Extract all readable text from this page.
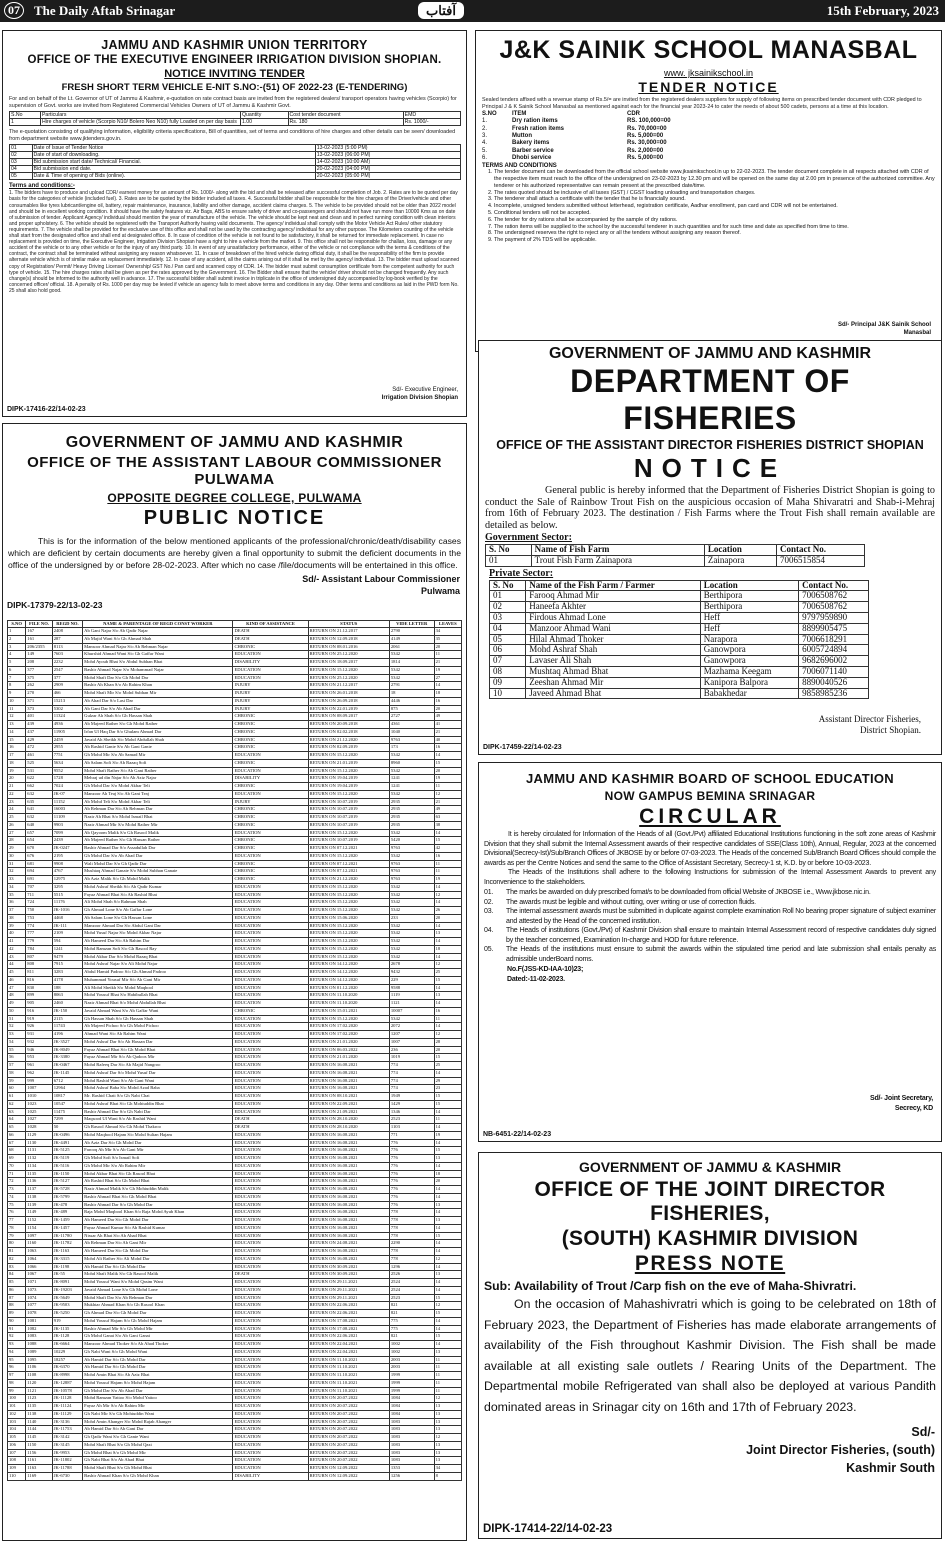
07	The Daily Aftab Srinagar	آفتاب	15th February, 2023
JAMMU AND KASHMIR UNION TERRITORY
OFFICE OF THE EXECUTIVE ENGINEER IRRIGATION DIVISION SHOPIAN.
NOTICE INVITING TENDER
FRESH SHORT TERM VEHICLE E-NIT S.NO:-(51) OF 2022-23 (E-TENDERING)
For and on behalf of the Lt. Governor of UT of Jammu & Kashmir, e-quotation on rate contract basis are invited from the registered dealers/ transport operators having vehicles (Scorpio) for supervision of Govt. works are invited from Registered Commercial Vehicles Owners of UT of Jammu & Kashmir Govt.
S.No	Particulars	Quantity	Cost tender document	EMD
1	Hire charges of vehicle (Scorpio N10/ Bolero Neo N10) fully Loaded on per day basis	1.00	Rs. 180	Rs. 1000/-
The e-quotation consisting of qualifying information, eligibility criteria specifications, Bill of quantities, set of terms and conditions of hire charges and other details can be seen/ downloaded from department website www.jktenders.gov.in.
01	Date of Issue of Tender Notice	13-02-2023 (5:00 PM)
02	Date of start of downloading.	13-02-2023 (06:00 PM)
03	Bid submission start date/ Technical/ Financial.	14-02-2023 (10:00 AM)
04	Bid submission end date.	20-02-2023 (04:00 PM)
05	Date & Time of opening of Bids (online).	20-02-2023 (05:00 PM)
Terms and conditions:-
1. The bidders have to produce and upload CDR/ earnest money for an amount of Rs. 1000/- along with the bid and shall be released after successful completion of Job. 2. Rates are to be quoted per day basis for the categories of vehicle (included fuel). 3. Rates are to be quoted by the bidder included all taxes. 4. Successful bidder shall be responsible for the hire charges of the Driver/vehicle and other consumables like tyres lubricant/engine oil, battery, repair maintenance, insurance, liability and other damage, accident claims charges. 5. The vehicle to be provided should not be older than 2022 model and should be in excellent working condition. It should have the safety features viz. Air Bags, ABS to ensure safety of driver and co-passengers and should not have run more than 10000 Kms as on date of submission of tender. Applicant Agency/ individual should mention the year of manufacture of the vehicle. The vehicle should be kept neat and clean and in perfect running condition with clean interiors and proper upholstery. 6. The vehicle should be registered with the Transport Authority having valid documents. The agency/ individual shall comply with the Motor Vehicle Act Rules/ other statutory requirements. 7. The vehicle shall be provided for the exclusive use of this office and shall not be used by the contracting agency/ individual for any other purpose. The Kilometers counting of the vehicle shall start from the designated office and shall end at designated office. 8. In case of condition of the vehicle is not found to be satisfactory, it shall be returned for immediate replacement. In case no replacement is provided on time, the Executive Engineer, Irrigation Division Shopian have a right to hire a vehicle from the market. 9. This office shall not be responsible for challan, loss, damage or any accident of the vehicle or to any other vehicle or for the injury of any third party. 10. In event of any unsatisfactory performance, either of the vehicle or not compliance with the terms & conditions of the contract, the contract shall be terminated without assigning any reason whatsoever. 11. In case of breakdown of the hired vehicle during official duty, it shall be the responsibility of the firm to provide alternate vehicle which is of similar make as replacement immediately. 12. In case of any accident, all the claims arising out of it shall be met by the agency/ individual. 13. The bidder must upload scanned copy of Registration/ Permit/ Heavy Driving License/ Ownership/ GST No./ Pan card and scanned copy of CDR. 14. The bidder must submit consumption certificate from the competent authority for such type of vehicle. 15. The hire charges rates shall be given as per the rates approved by the Government. 16. The Bidder shall ensure that the vehicle/ driver should not be changed frequently. Any such change(s) should be informed to the authority well in advance. 17. The successful bidder shall submit invoice in triplicate in the office of undersigned duly accompanied by log-book verified by the concerned officer/ official. 18. A penalty of Rs. 1000 per day may be levied if vehicle an agency fails to meet above terms and conditions in any day. Other terms and conditions as laid in the PWD form No. 25 shall also hold good.
Sd/- Executive Engineer,
Irrigation Division Shopian
DIPK-17416-22/14-02-23
J&K SAINIK SCHOOL MANASBAL
www. jksainikschool.in
TENDER NOTICE
Sealed tenders affixed with a revenue stamp of Rs.5/= are invited from the registered dealers suppliers for supply of following items on prescribed tender document with CDR pledged to Principal J & K Sainik School Manasbal as mentioned against each for the financial year 2023-24 to cater the needs of about 500 cadets, persons at a time at this location.
S.NO	ITEM	CDR
1.	Dry ration items	RS. 100,000=00
2.	Fresh ration items	Rs. 70,000=00
3.	Mutton	Rs. 5,000=00
4.	Bakery items	Rs. 30,000=00
5.	Barber service	Rs. 2,000=00
6.	Dhobi service	Rs. 5,000=00
TERMS AND CONDITIONS
1. The tender document can be downloaded from the official school website www.jksainikschool.in up to 22-02-2023. The tender document complete in all respects attached with CDR of the respective item must reach to the office of the undersigned on 23-02-2023 by 12.30 pm and will be opened on the same day at 2.00 pm in presence of the authorized committee. Any tenderer or his authorized representative can remain present at the prescribed date/time.
2. The rates quoted should be inclusive of all taxes (GST) / CGST loading unloading and transportation charges.
3. The tenderer shall attach a certificate with the tender that he is financially sound.
4. Incomplete, unsigned tenders submitted without letterhead, registration certificate, Aadhar enrollment, pan card and CDR will not be entertained.
5. Conditional tenders will not be accepted.
6. The tender for dry rations shall be accompanied by the sample of dry rations.
7. The ration items will be supplied to the school by the successful tenderer in such quantities and for such time and date as specified from time to time.
8. The undersigned reserves the right to reject any or all the tenders without assigning any reason thereof.
9. The payment of 2% TDS will be applicable.
Sd/- Principal J&K Sainik School
Manasbal
GOVERNMENT OF JAMMU AND KASHMIR
DEPARTMENT OF FISHERIES
OFFICE OF THE ASSISTANT DIRECTOR FISHERIES DISTRICT SHOPIAN
NOTICE
General public is hereby informed that the Department of Fisheries District Shopian is going to conduct the Sale of Rainbow Trout Fish on the auspicious occasion of Maha Shivaratri and Shab-i-Mehraj from 16th of February 2023. The destination / Fish Farms where the Trout Fish shall remain available are detailed as below.
Government Sector:
S. No	Name of Fish Farm	Location	Contact No.
01	Trout Fish Farm Zainapora	Zainapora	7006515854
Private Sector:
S. No	Name of the Fish Farm / Farmer	Location	Contact No.
01	Farooq Ahmad Mir	Berthipora	7006508762
02	Haneefa Akhter	Berthipora	7006508762
03	Firdous Ahmad Lone	Heff	9797959890
04	Manzoor Ahmad Wani	Heff	8899905475
05	Hilal Ahmad Thoker	Narapora	7006618291
06	Mohd Ashraf Shah	Ganowpora	6005724894
07	Lavaser Ali Shah	Ganowpora	9682696002
08	Mushtaq Ahmad Bhat	Mazhama Keegam	7006071140
09	Zeeshan Ahmad Mir	Kanipora Balpora	8890040526
10	Javeed Ahmad Bhat	Babakhedar	9858985236
Assistant Director Fisheries,
District Shopian.
DIPK-17459-22/14-02-23
GOVERNMENT OF JAMMU AND KASHMIR
OFFICE OF THE ASSISTANT LABOUR COMMISSIONER PULWAMA
OPPOSITE DEGREE COLLEGE, PULWAMA
PUBLIC NOTICE
This is for the information of the below mentioned applicants of the professional/chronic/death/disability cases which are deficient by certain documents are hereby given a final opportunity to submit the deficient documents in the office of the undersigned by or before 28-02-2023. After which no case /file/documents will be entertained in this office.
Sd/- Assistant Labour Commissioner
Pulwama
DIPK-17379-22/13-02-23
S.NO	FILE NO.	REGD NO.	NAME & PARENTAGE OF REGD CONST WORKER	KIND OF ASSISTANCE	STATUS	VIDE LETTER	LEAVES
1	167	2408	Ab Gani Najar S/o Ab Qadir Najar	DEATH	RETURN ON 21.12.2017	2790	34
2	161	287	Ab Majid Wani S/o Gh Ahmad Shah	DEATH	RETURN ON 12.09.2018	4149	35
3	206/2355	8113	Mansoor Ahmad Najar S/o Ab Rehman Najar	CHRONIC	RETURN ON 08.01.2016	2061	20
4	149	7603	Khurshid Ahmad Wani S/o Gh Gaffar Wani	EDUCATION	RETURN ON 25.12.2020	5342	11
5	208	2232	Mohd Ayoub Bhat S/o Abdul Subhan Bhat	DISABILITY	RETURN ON 18.09.2017	1814	21
6	377	2547	Bashir Ahmad Najar S/o Mohammad Najar	EDUCATION	RETURN ON 15.12.2020	5342	19
7	375	377	Mohd Shafi Dar S/o Gh Mohd Dar	EDUCATION	RETURN ON 25.12.2020	5342	27
8	262	2909	Bashir Ah Khan S/o Ab Rahim Khan	INJURY	RETURN ON 21.12.2017	2791	14
9	270	466	Mohd Shafi Mir S/o Mohd Subhan Mir	INJURY	RETURN ON 26.01.2018	18	18
10	371	15213	Ab Ahad Dar S/o Lasi Dar	INJURY	RETURN ON 26.09.2018	4446	16
11	373	5302	Ab Gani Dar S/o Ab Ahad Dar	INJURY	RETURN ON 22.01.2019	875	20
12	401	11324	Gulzar Ah Shah S/o Gh Hassan Shah	CHRONIC	RETURN ON 08.09.2017	2727	49
13	439	4936	Ab Majeed Rather S/o Gh Mohd Rather	CHRONIC	RETURN ON 20.09.2018	4361	41
14	437	11905	Irfan Ul Haq Dar S/o Ghulam Ahmad Dar	CHRONIC	RETURN ON 02.02.2018	1040	21
15	429	2459	Javaid Ah Sheikh S/o Mohd Abdullah Shah	CHRONIC	RETURN ON 21.12.2020	9763	40
16	472	2955	Ab Rashid Ganie S/o Ab Gani Ganie	CHRONIC	RETURN ON 02.09.2019	173	16
17	461	7751	Gh Mohd Mir S/o Ab Samad Mir	EDUCATION	RETURN ON 15.12.2020	5342	14
18	525	5634	Ab Salam Sofi S/o Ab Razaq Sofi	CHRONIC	RETURN ON 21.01.2019	8960	15
19	531	9552	Mohd Shafi Rather S/o Ab Gani Rather	EDUCATION	RETURN ON 15.12.2020	5342	20
20	622	1728	Mehraj ud din Najar S/o Ab Aziz Najar	DISABILITY	RETURN ON 19.04.2019	1241	19
21	662	7024	Gh Mohd Dar S/o Mohd Akbar Teli	CHRONIC	RETURN ON 19.04.2019	1241	11
22	632	JK-07	Manzoor Ah Teaj S/o Ab Gani Teaj	EDUCATION	RETURN ON 15.12.2020	5342	12
23	635	11152	Ab Mohd Teli S/o Mohd Akbar Teli	INJURY	RETURN ON 10.07.2019	2935	21
24	641	16003	Ab Rehman Dar S/o Ab Rehman Dar	CHRONIC	RETURN ON 10.07.2019	2935	49
25	632	11109	Nazir Ah Bhat S/o Mohd Ismail Bhat	CHRONIC	RETURN ON 10.07.2019	2935	63
26	640	9903	Nazir Ahmad Mir S/o Mohd Rather Mir	CHRONIC	RETURN ON 10.07.2019	2935	38
27	657	7099	Ab Qayoom Malik S/o Gh Rasool Malik	EDUCATION	RETURN ON 15.12.2020	5342	14
28	654	2439	Ab Majeed Rather S/o Gh Hassan Rather	CHRONIC	RETURN ON 10.07.2019	5420	15
29	670	JK-0247	Bashir Ahmad Dar S/o Assadullah Dar	CHRONIC	RETURN ON 07.12.2021	9763	42
30	676	2195	Gh Mohd Dar S/o Ab Ahad Dar	EDUCATION	RETURN ON 15.12.2020	5342	16
31	681	9908	Wali Mohd Dar S/o Gh Qadir Dar	CHRONIC	RETURN ON 07.12.2021	9763	11
32	694	4767	Mushtaq Ahmad Ganaie S/o Mohd Subhan Ganaie	CHRONIC	RETURN ON 07.12.2021	9763	11
33	691	12975	Ab Aziz Malik S/o Gh Mohd Malik	CHRONIC	RETURN ON 21.12.2020	9763	19
34	707	3295	Mohd Ashraf Sheikh S/o Ab Qadir Kumar	EDUCATION	RETURN ON 15.12.2020	5342	14
35	711	5515	Fayaz Ahmad Bhat S/o Ab Rashid Bhat	EDUCATION	RETURN ON 15.12.2020	5342	12
36	724	11176	Ali Mohd Shah S/o Rahman Shah	EDUCATION	RETURN ON 15.12.2020	5342	14
37	750	JK-1016	Gh Ahmad Lone S/o Ab Gaffar Lone	EDUCATION	RETURN ON 15.12.2020	5342	26
38	753	4468	Ab Salam Lone S/o Gh Hassan Lone	EDUCATION	RETURN ON 15.06.2020	233	20
39	774	JK-111	Manzoor Ahmad Dar S/o Abdul Gani Dar	EDUCATION	RETURN ON 15.12.2020	5342	14
40	777	2109	Mohd Yusuf Najar S/o Mohd Akbar Najar	EDUCATION	RETURN ON 15.12.2020	5342	13
41	779	594	Ab Hameed Dar S/o Ab Rahim Dar	EDUCATION	RETURN ON 15.12.2020	5342	14
42	784	1241	Mohd Ramzan Sofi S/o Gh Rasool Ray	EDUCATION	RETURN ON 15.12.2020	5342	18
43	807	9479	Mohd Akbar Dar S/o Mohd Razaq Bhat	EDUCATION	RETURN ON 15.12.2020	5342	14
44	808	7915	Mohd Ashraf Najar S/o Ali Mohd Najar	EDUCATION	RETURN ON 14.12.2020	2678	12
45	811	3283	Abdul Hamid Padroo S/o Gh Ahmad Padroo	EDUCATION	RETURN ON 14.12.2020	9432	25
46	816	4178	Muhammad Yousuf Mir S/o Ab Gani Mir	EDUCATION	RETURN ON 14.12.2020	229	15
47	830	188	Ali Mohd Sheikh S/o Mohd Maqbool	EDUCATION	RETURN ON 01.12.2020	9588	14
48	899	8063	Mohd Yousuf Bhat S/o Habibullah Bhat	EDUCATION	RETURN ON 11.10.2020	1119	13
49	905	2460	Nazir Ahmad Bhat S/o Mohd Abdullah Bhat	EDUCATION	RETURN ON 11.10.2020	1121	14
50	916	JK-150	Javaid Ahmad Wani S/o Ab Gaffar Wani	CHRONIC	RETURN ON 15.01.2021	10007	16
51	919	2115	Gh Hassan Shah S/o Gh Hassan Shah	EDUCATION	RETURN ON 15.12.2020	5342	11
52	926	11743	Ab Majeed Pichoo S/o Gh Mohd Pichoo	EDUCATION	RETURN ON 17.02.2020	2072	14
53	931	4196	Ahmad Wani S/o Ab Rahim Wani	EDUCATION	RETURN ON 17.02.2020	1207	12
54	932	JK-3527	Mohd Ashraf Dar S/o Ab Hassan Dar	EDUCATION	RETURN ON 21.01.2020	1007	28
55	946	JK-8049	Fayaz Ahmad Bhat S/o Gh Mohd Bhat	EDUCATION	RETURN ON 06.03.2022	236	20
56	953	JK-3380	Fayaz Ahmad Mir S/o Ab Qadoos Mir	EDUCATION	RETURN ON 21.01.2020	1019	15
57	961	JK-0467	Mohd Rafeeq Dar S/o Ab Majid Nangroo	EDUCATION	RETURN ON 16.08.2021	774	25
58	962	JK-1145	Mohd Ashraf Dar S/o Mohd Yusuf Dar	EDUCATION	RETURN ON 16.08.2021	774	14
59	999	6712	Mohd Rashid Wani S/o Ab Gani Wani	EDUCATION	RETURN ON 16.08.2021	774	29
60	1007	12964	Mohd Ashraf Baba S/o Mohd Azad Baba	EDUCATION	RETURN ON 16.08.2021	774	23
61	1010	10817	Mr. Rashid Chati S/o Gh Nabi Chat	EDUCATION	RETURN ON 08.10.2021	1949	15
62	1023	10547	Mohd Ashraf Bhat S/o Gh Mohiuddin Bhat	EDUCATION	RETURN ON 22.09.2021	1429	15
63	1025	11475	Bashir Ahmad Dar S/o Gh Nabi Dar	EDUCATION	RETURN ON 21.09.2021	1346	14
64	1027	7299	Maqsood Ul Wani S/o Ab Rashid Wani	DEATH	RETURN ON 28.10.2020	2523	11
65	1028	50	Gh Rasool Ahmad S/o Gh Mohd Thakroo	DEATH	RETURN ON 28.10.2020	1103	14
66	1129	JK-0496	Mohd Maqbool Hajam S/o Mohd Sultan Hajam	EDUCATION	RETURN ON 16.08.2021	771	19
67	1130	JK-4491	Ab Aziz Dar S/o Gh Mohd Dar	EDUCATION	RETURN ON 16.08.2021	776	14
68	1131	JK-5125	Farooq Ah Mir S/o Ab Gani Mir	EDUCATION	RETURN ON 16.08.2021	776	15
69	1132	JK-5119	Gh Mohd Sofi S/o Ismail Sofi	EDUCATION	RETURN ON 16.08.2021	776	13
70	1134	JK-5116	Gh Mohd Mir S/o Ab Rahim Mir	EDUCATION	RETURN ON 16.08.2021	776	14
71	1135	JK-1150	Mohd Akbar Bhat S/o Gh Rasool Bhat	EDUCATION	RETURN ON 16.08.2021	776	18
72	1136	JK-5127	Ab Rashid Bhat S/o Gh Mohd Bhat	EDUCATION	RETURN ON 16.08.2021	776	20
73	1137	JK-5728	Nazir Ahmad Malik S/o Gh Mohiuddin Malik	EDUCATION	RETURN ON 16.08.2021	776	14
74	1138	JK-5799	Bashir Ahmad Bhat S/o Gh Mohd Bhat	EDUCATION	RETURN ON 16.08.2021	776	14
75	1139	JK-478	Bashir Ahmad Dar S/o Gh Mohd Dar	EDUCATION	RETURN ON 16.08.2021	776	13
76	1149	JK-489	Raja Mohd Maqbool Khan S/o Raja Mohd Ayub Khan	EDUCATION	RETURN ON 16.08.2021	778	14
77	1152	JK-1459	Ab Hameed Dar S/o Gh Mohd Dar	EDUCATION	RETURN ON 16.08.2021	778	13
78	1154	JK-1457	Fayaz Ahmad Kumar S/o Ab Rashid Kumar	EDUCATION	RETURN ON 16.08.2021	778	14
79	1097	JK-11780	Nissar Ah Bhat S/o Ab Ahad Bhat	EDUCATION	RETURN ON 16.08.2021	778	15
80	1160	JK-11782	Ab Rehman Dar S/o Ab Gani Mir	EDUCATION	RETURN ON 24.08.2021	2290	14
81	1063	JK-1163	Ab Hameed Dar S/o Gh Mohd Dar	EDUCATION	RETURN ON 16.08.2021	778	14
82	1064	JK-3315	Mohd Ali Rather S/o Ali Mohd Dar	EDUCATION	RETURN ON 16.08.2021	778	12
83	1066	JK-1198	Ab Hamid Dar S/o Gh Mohd Dar	EDUCATION	RETURN ON 30.09.2021	1296	14
84	1067	JK-55	Mohd Shafi Malik S/o Gh Rasool Malik	DEATH	RETURN ON 30.09.2021	2526	13
85	1071	JK-8091	Mohd Yousuf Wani S/o Mohd Qasim Wani	EDUCATION	RETURN ON 29.11.2021	2524	14
86	1073	JK-19203	Javaid Ahmad Lone S/o Gh Mohd Lone	EDUCATION	RETURN ON 29.11.2021	2524	14
87	1074	JK-5649	Mohd Shafi Dar S/o Ab Rehman Dar	EDUCATION	RETURN ON 29.11.2021	2523	15
88	1077	JK-9503	Mukhtar Ahmad Khan S/o Gh Rasool Khan	EDUCATION	RETURN ON 22.06.2021	821	12
89	1078	JK-5250	Gh Ahmad Dar S/o Gh Mohd Dar	EDUCATION	RETURN ON 22.06.2021	821	15
90	1081	919	Mohd Yousuf Hajam S/o Gh Mohd Hajam	EDUCATION	RETURN ON 17.08.2021	775	14
91	1082	JK-1135	Bashir Ahmad Mir S/o Gh Mohd Mir	EDUCATION	RETURN ON 17.08.2021	775	14
92	1083	JK-1128	Gh Mohd Ganai S/o Ab Gani Ganai	EDUCATION	RETURN ON 22.06.2021	821	15
93	1088	JK-6664	Manzoor Ahmad Thoker S/o Ab Ahad Thoker	EDUCATION	RETURN ON 22.04.2021	1002	14
94	1089	10229	Gh Nabi Wani S/o Gh Mohd Wani	EDUCATION	RETURN ON 22.04.2021	1002	13
95	1095	18257	Ab Hamid Dar S/o Gh Mohd Dar	EDUCATION	RETURN ON 11.10.2021	2003	11
96	1106	JK-6370	Ab Hamid Dar S/o Gh Mohd Dar	EDUCATION	RETURN ON 11.10.2021	2003	11
97	1108	JK-8998	Mohd Amin Bhat S/o Ab Aziz Bhat	EDUCATION	RETURN ON 11.10.2021	1999	11
98	1120	JK-12887	Mohd Yousuf Hajam S/o Mohd Hajam	EDUCATION	RETURN ON 11.10.2021	1999	11
99	1121	JK-10578	Gh Mohd Dar S/o Ab Ahad Dar	EDUCATION	RETURN ON 11.10.2021	1999	11
100	1123	JK-11128	Mohd Ramzan Yattoo S/o Mohd Yattoo	EDUCATION	RETURN ON 20.07.2022	1084	12
101	1135	JK-11124	Fayaz Ah Mir S/o Ab Rahim Mir	EDUCATION	RETURN ON 20.07.2022	1084	13
102	1138	JK-11129	Gh Nabi Mir S/o Gh Mohiuddin Wani	EDUCATION	RETURN ON 20.07.2022	1084	13
103	1140	JK-3136	Mohd Amin Ahanger S/o Mohd Rajab Ahanger	EDUCATION	RETURN ON 20.07.2022	1083	13
104	1144	JK-11753	Ab Hamid Dar S/o Ab Gani Dar	EDUCATION	RETURN ON 20.07.2022	1083	13
105	1145	JK-3142	Gh Qadir Wani S/o Gh Ganie Wani	EDUCATION	RETURN ON 20.07.2022	1083	12
106	1150	JK-3145	Mohd Shafi Bhat S/o Gh Mohd Qazi	EDUCATION	RETURN ON 20.07.2022	1083	13
107	1156	JK-9953	Gh Mohd Bhat S/o Gh Mohd Mir	EDUCATION	RETURN ON 20.07.2022	1083	13
108	1161	JK-11802	Gh Nabi Bhat S/o Ab Ahad Bhat	EDUCATION	RETURN ON 20.07.2022	1083	13
109	1163	JK-11788	Mohd Shafi Bhat S/o Gh Mohd Bhat	EDUCATION	RETURN ON 12.09.2022	1353	34
110	1169	JK-6730	Bashir Ahmad Khan S/o Gh Mohd Khan	DISABILITY	RETURN ON 12.09.2022	1256	8
JAMMU AND KASHMIR BOARD OF SCHOOL EDUCATION
NOW GAMPUS BEMINA SRINAGAR
CIRCULAR
It is hereby circulated for Information of the Heads of all (Govt./Pvt) affiliated Educational Institutions functioning in the soft zone areas of Kashmir Division that they shall submit the Internal Assessment awards of their respective candidates of SSE(Class 10th), Annual, Regular, 2023 at the concerned Divisional(Secrecy-Ist)/Sub/Branch Offices of JKBOSE by or before 07-03-2023. The Heads of the concerned Sub/Branch Board Offices should compile the awards as per the Centre Notices and send the same to the Office of Assistant Secretary, Secrecy-1 st, K.D. by or before 10-03-2023.
The Heads of the Institutions shall adhere to the following Instructions for submission of the Internal Assessment Awards to prevent any Inconvenience to the stakeholders.
01.	The marks be awarded on duly prescribed fomat/s to be downloaded from official Website of JKBOSE i.e., Www.jkbose.nic.in.
02.	The awards must be legible and without cutting, over writing or use of correction fluids.
03.	The internal assessment awards must be submitted in duplicate against complete examination Roll No bearing proper signature of subject examiner and attested by the Head of the concerned institution.
04.	The Heads of institutions (Govt./Pvt) of Kashmir Division shall ensure to maintain Internal Assessment record of respective candidates duly signed by the teacher concerned, Examination In-charge and HOD for future reference.
05.	The Heads of the institutions must ensure to submit the awards within the stipulated time period and late submission shall entails penalty as admissible underBoard noms.
No.F(JSS-KD-IAA-10)23;
Dated:-11-02-2023.
Sd/- Joint Secretary,
Secrecy, KD
NB-6451-22/14-02-23
GOVERNMENT OF JAMMU & KASHMIR
OFFICE OF THE JOINT DIRECTOR FISHERIES,
(SOUTH) KASHMIR DIVISION
PRESS NOTE
Sub: Availability of Trout /Carp fish on the eve of Maha-Shivratri.
On the occasion of Mahashivratri which is going to be celebrated on 18th of February 2023, the Department of Fisheries has made elaborate arrangements of availability of the Fish throughout Kashmir Division. The Fish shall be made available at all existing sale outlets / Rearing Units of the Department. The Departmental mobile Refrigerated van shall also be deployed at various Pandith dominated areas in Srinagar city on 16th and 17th of February 2023.
Sd/-
Joint Director Fisheries, (south)
Kashmir South
DIPK-17414-22/14-02-23
